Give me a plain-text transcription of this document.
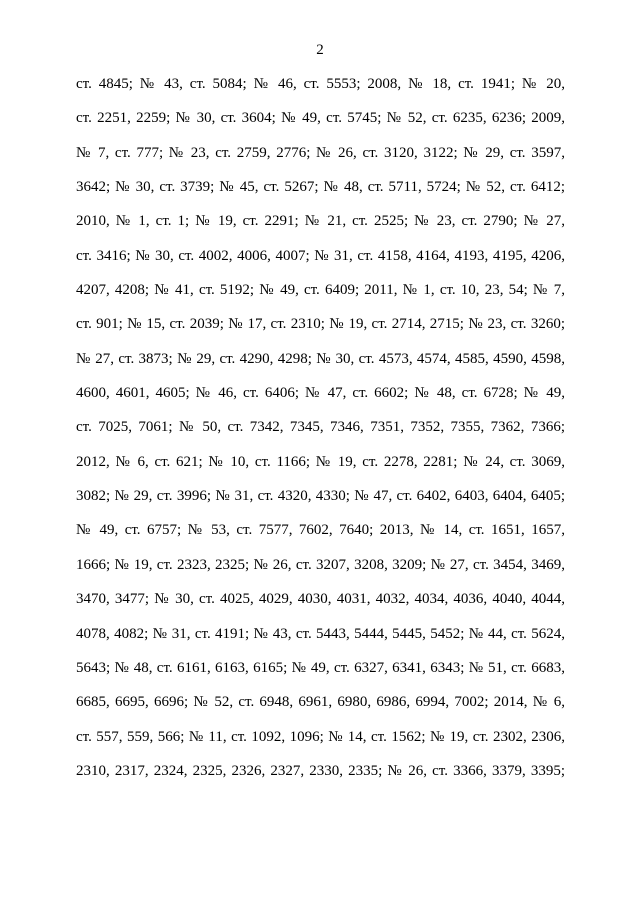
2
ст. 4845; № 43, ст. 5084; № 46, ст. 5553; 2008, № 18, ст. 1941; № 20,
ст. 2251, 2259; № 30, ст. 3604; № 49, ст. 5745; № 52, ст. 6235, 6236; 2009,
№ 7, ст. 777; № 23, ст. 2759, 2776; № 26, ст. 3120, 3122; № 29, ст. 3597,
3642; № 30, ст. 3739; № 45, ст. 5267; № 48, ст. 5711, 5724; № 52, ст. 6412;
2010, № 1, ст. 1; № 19, ст. 2291; № 21, ст. 2525; № 23, ст. 2790; № 27,
ст. 3416; № 30, ст. 4002, 4006, 4007; № 31, ст. 4158, 4164, 4193, 4195, 4206,
4207, 4208; № 41, ст. 5192; № 49, ст. 6409; 2011, № 1, ст. 10, 23, 54; № 7,
ст. 901; № 15, ст. 2039; № 17, ст. 2310; № 19, ст. 2714, 2715; № 23, ст. 3260;
№ 27, ст. 3873; № 29, ст. 4290, 4298; № 30, ст. 4573, 4574, 4585, 4590, 4598,
4600, 4601, 4605; № 46, ст. 6406; № 47, ст. 6602; № 48, ст. 6728; № 49,
ст. 7025, 7061; № 50, ст. 7342, 7345, 7346, 7351, 7352, 7355, 7362, 7366;
2012, № 6, ст. 621; № 10, ст. 1166; № 19, ст. 2278, 2281; № 24, ст. 3069,
3082; № 29, ст. 3996; № 31, ст. 4320, 4330; № 47, ст. 6402, 6403, 6404, 6405;
№ 49, ст. 6757; № 53, ст. 7577, 7602, 7640; 2013, № 14, ст. 1651, 1657,
1666; № 19, ст. 2323, 2325; № 26, ст. 3207, 3208, 3209; № 27, ст. 3454, 3469,
3470, 3477; № 30, ст. 4025, 4029, 4030, 4031, 4032, 4034, 4036, 4040, 4044,
4078, 4082; № 31, ст. 4191; № 43, ст. 5443, 5444, 5445, 5452; № 44, ст. 5624,
5643; № 48, ст. 6161, 6163, 6165; № 49, ст. 6327, 6341, 6343; № 51, ст. 6683,
6685, 6695, 6696; № 52, ст. 6948, 6961, 6980, 6986, 6994, 7002; 2014, № 6,
ст. 557, 559, 566; № 11, ст. 1092, 1096; № 14, ст. 1562; № 19, ст. 2302, 2306,
2310, 2317, 2324, 2325, 2326, 2327, 2330, 2335; № 26, ст. 3366, 3379, 3395;
